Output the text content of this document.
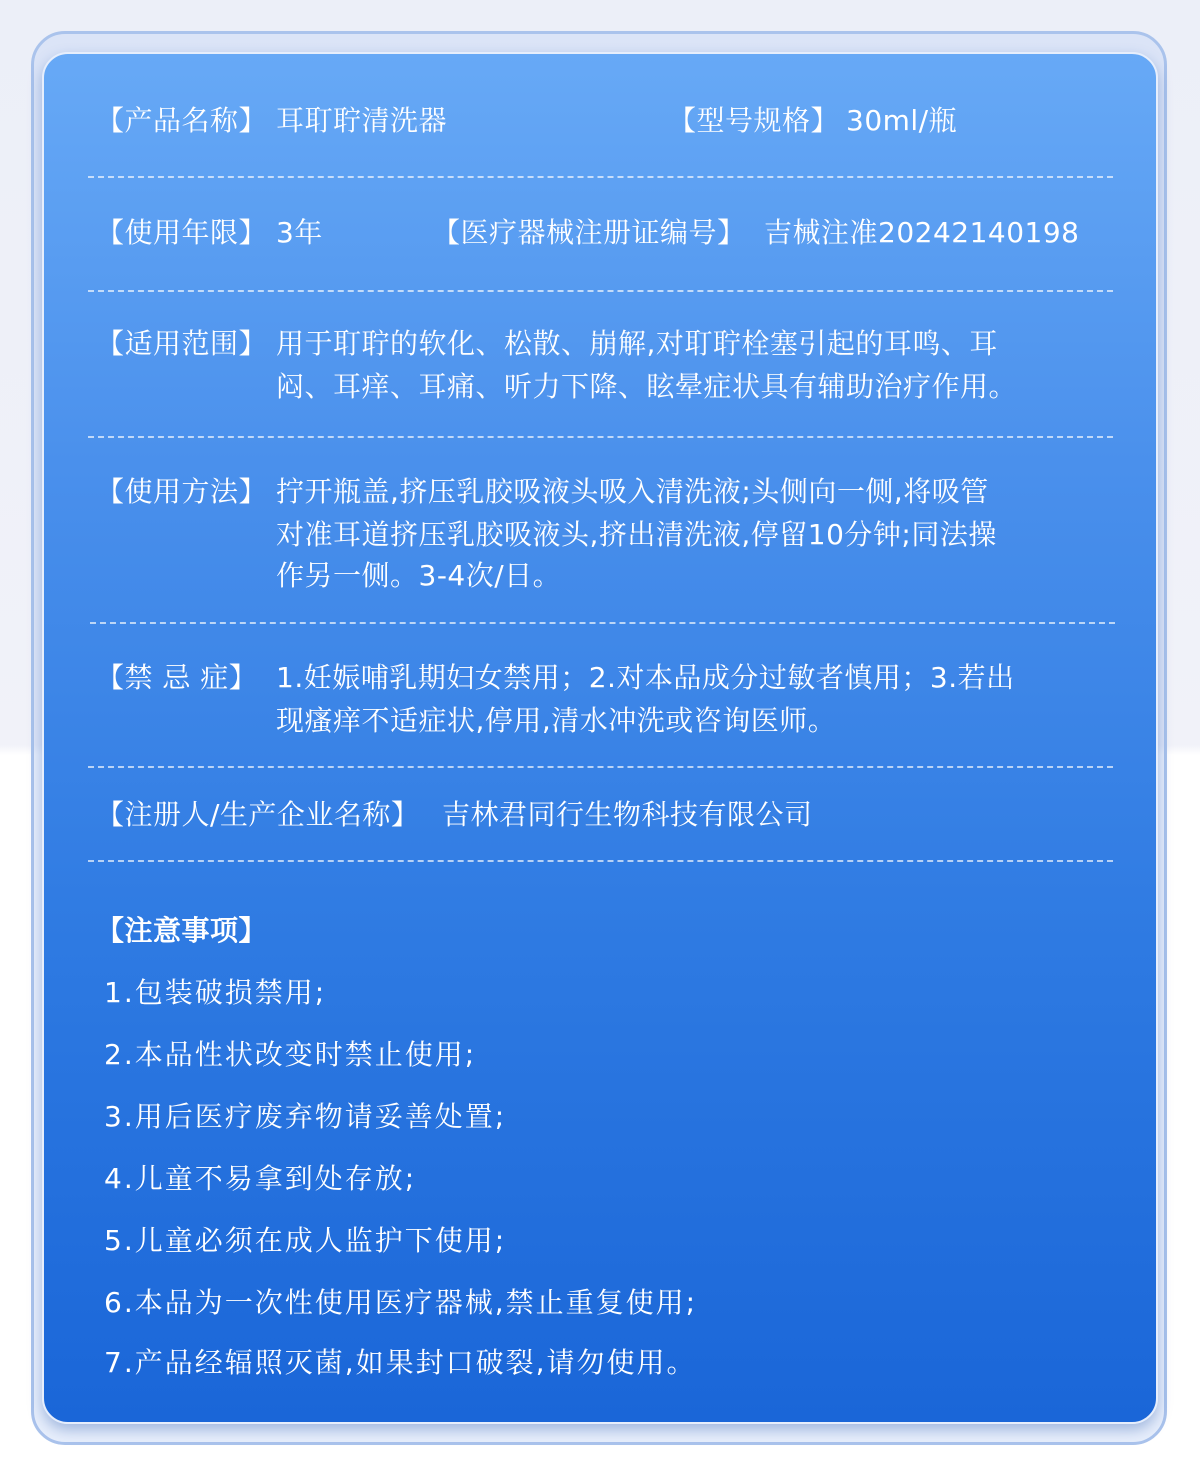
【产品名称】 耳耵聍清洗器	【型号规格】 30ml/瓶
【使用年限】 3年	【医疗器械注册证编号】 吉械注准20242140198
【适用范围】 用于耵聍的软化、松散、崩解,对耵聍栓塞引起的耳鸣、耳
闷、耳痒、耳痛、听力下降、眩晕症状具有辅助治疗作用。
【使用方法】 拧开瓶盖,挤压乳胶吸液头吸入清洗液;头侧向一侧,将吸管
对准耳道挤压乳胶吸液头,挤出清洗液,停留10分钟;同法操
作另一侧。3-4次/日。
【禁 忌 症】 1.妊娠哺乳期妇女禁用；2.对本品成分过敏者慎用；3.若出
现瘙痒不适症状,停用,清水冲洗或咨询医师。
【注册人/生产企业名称】 吉林君同行生物科技有限公司
【注意事项】
1.包装破损禁用;
2.本品性状改变时禁止使用;
3.用后医疗废弃物请妥善处置;
4.儿童不易拿到处存放;
5.儿童必须在成人监护下使用;
6.本品为一次性使用医疗器械,禁止重复使用;
7.产品经辐照灭菌,如果封口破裂,请勿使用。
